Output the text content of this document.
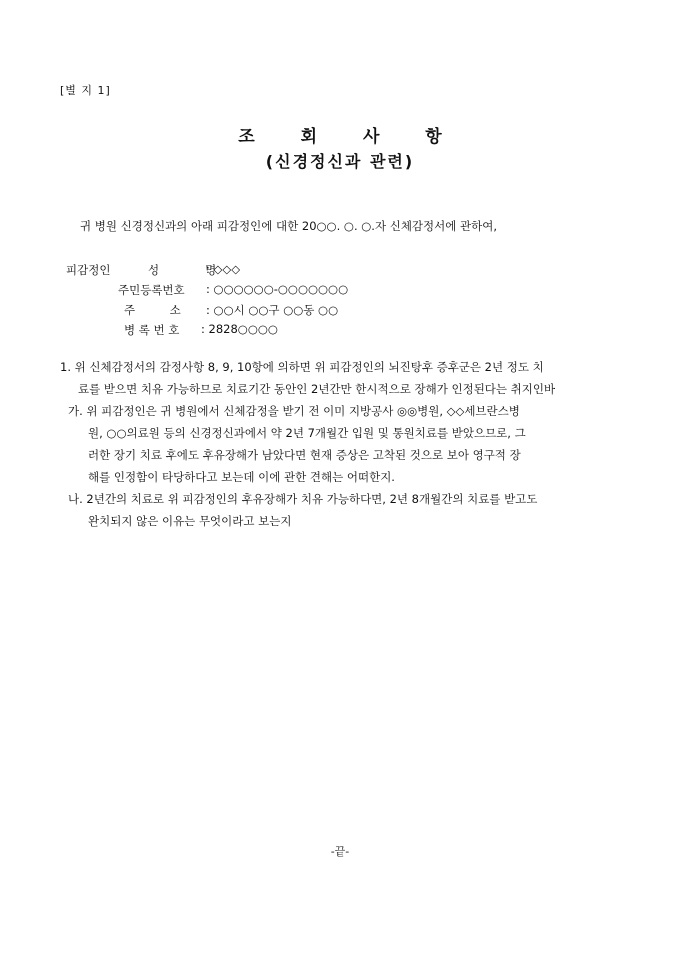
[별 지 1]
조 회 사 항
(신경정신과 관련)
귀 병원 신경정신과의 아래 피감정인에 대한 20○○. ○. ○.자 신체감정서에 관하여,
피감정인	성　　　　명
: ◇◇◇
주민등록번호 : ○○○○○○-○○○○○○○
주　　　소 : ○○시 ○○구 ○○동 ○○
병 록 번 호 : 2828○○○○
1. 위 신체감정서의 감정사항 8, 9, 10항에 의하면 위 피감정인의 뇌진탕후 증후군은 2년 정도 치
료를 받으면 치유 가능하므로 치료기간 동안인 2년간만 한시적으로 장해가 인정된다는 취지인바
가. 위 피감정인은 귀 병원에서 신체감정을 받기 전 이미 지방공사 ◎◎병원, ◇◇세브란스병
원, ○○의료원 등의 신경정신과에서 약 2년 7개월간 입원 및 통원치료를 받았으므로, 그
러한 장기 치료 후에도 후유장해가 남았다면 현재 증상은 고착된 것으로 보아 영구적 장
해를 인정함이 타당하다고 보는데 이에 관한 견해는 어떠한지.
나. 2년간의 치료로 위 피감정인의 후유장해가 치유 가능하다면, 2년 8개월간의 치료를 받고도
완치되지 않은 이유는 무엇이라고 보는지
-끝-
